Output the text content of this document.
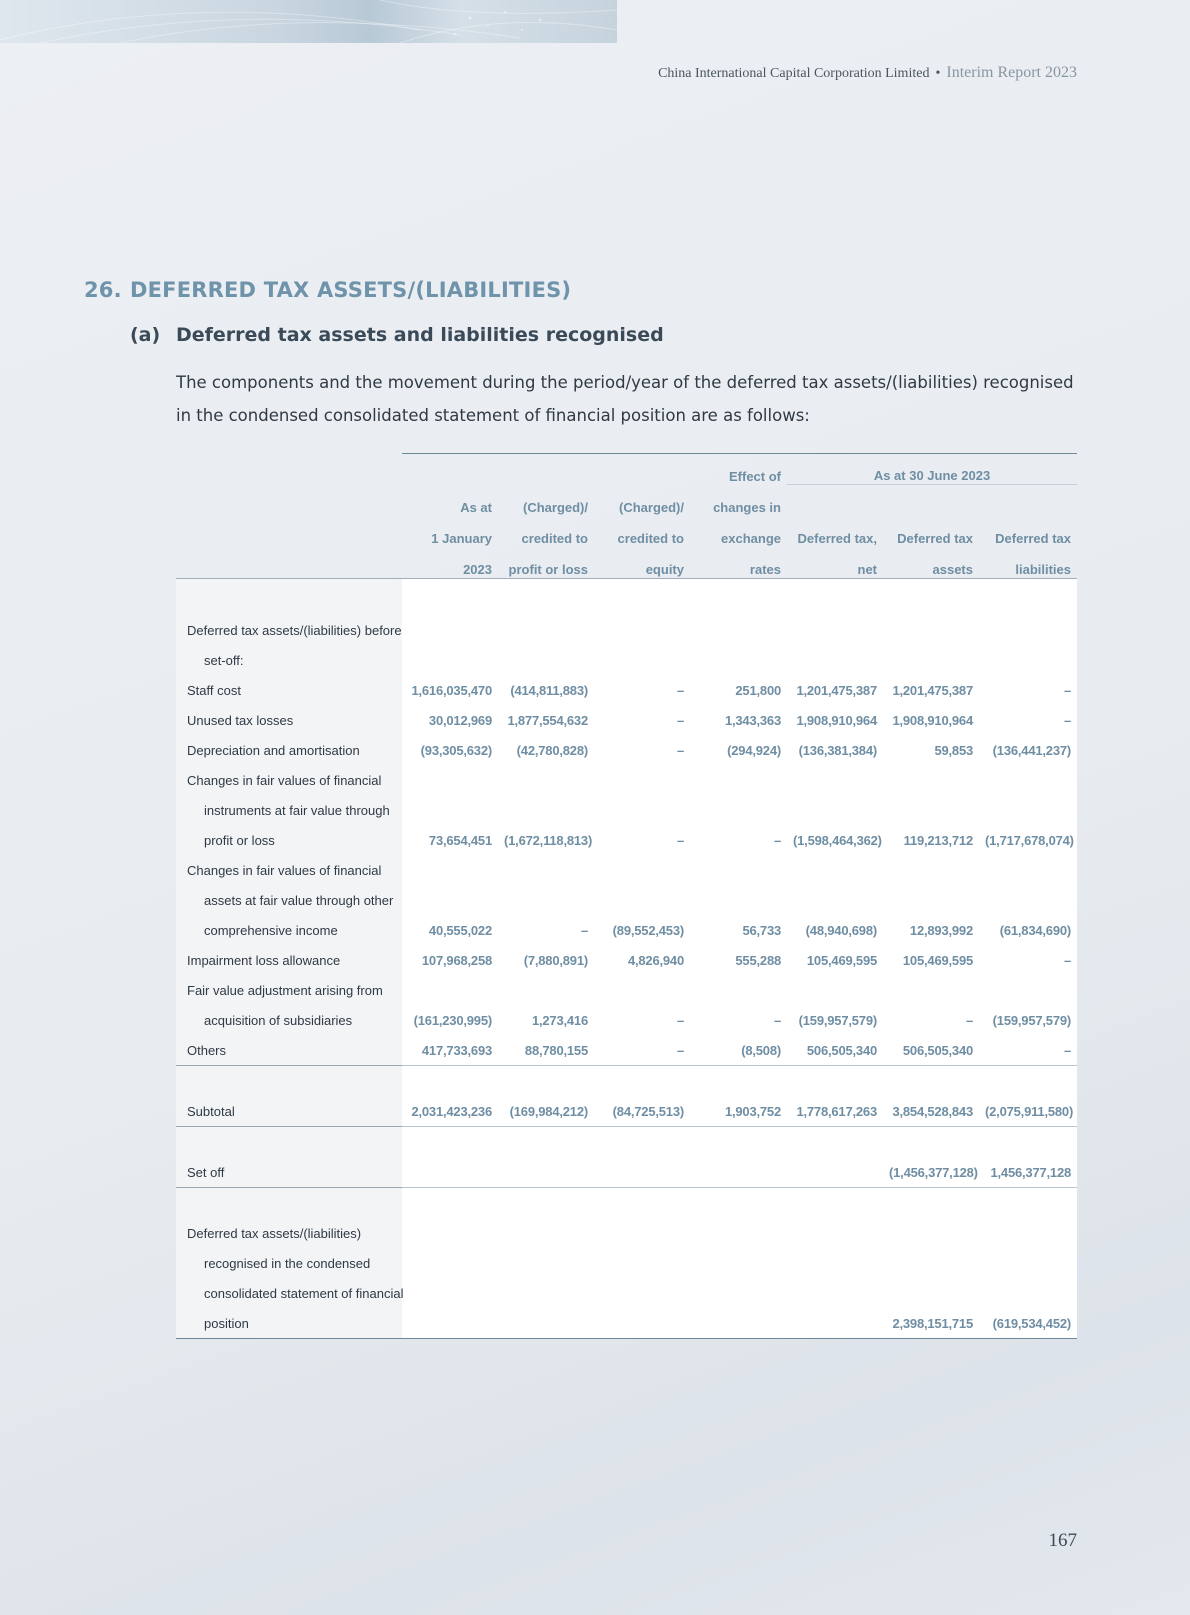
China International Capital Corporation Limited • Interim Report 2023
26. DEFERRED TAX ASSETS/(LIABILITIES)
(a) Deferred tax assets and liabilities recognised
The components and the movement during the period/year of the deferred tax assets/(liabilities) recognised in the condensed consolidated statement of financial position are as follows:
				Effect of	As at 30 June 2023		
	As at	(Charged)/	(Charged)/	changes in			
	1 January	credited to	credited to	exchange	Deferred tax,	Deferred tax	Deferred tax
	2023	profit or loss	equity	rates	net	assets	liabilities

Deferred tax assets/(liabilities) before							
set-off:							
Staff cost	1,616,035,470	(414,811,883)	–	251,800	1,201,475,387	1,201,475,387	–
Unused tax losses	30,012,969	1,877,554,632	–	1,343,363	1,908,910,964	1,908,910,964	–
Depreciation and amortisation	(93,305,632)	(42,780,828)	–	(294,924)	(136,381,384)	59,853	(136,441,237)
Changes in fair values of financial							
instruments at fair value through							
profit or loss	73,654,451	(1,672,118,813)	–	–	(1,598,464,362)	119,213,712	(1,717,678,074)
Changes in fair values of financial							
assets at fair value through other							
comprehensive income	40,555,022	–	(89,552,453)	56,733	(48,940,698)	12,893,992	(61,834,690)
Impairment loss allowance	107,968,258	(7,880,891)	4,826,940	555,288	105,469,595	105,469,595	–
Fair value adjustment arising from							
acquisition of subsidiaries	(161,230,995)	1,273,416	–	–	(159,957,579)	–	(159,957,579)
Others	417,733,693	88,780,155	–	(8,508)	506,505,340	506,505,340	–

Subtotal	2,031,423,236	(169,984,212)	(84,725,513)	1,903,752	1,778,617,263	3,854,528,843	(2,075,911,580)

Set off						(1,456,377,128)	1,456,377,128

Deferred tax assets/(liabilities)							
recognised in the condensed							
consolidated statement of financial							
position						2,398,151,715	(619,534,452)
167
